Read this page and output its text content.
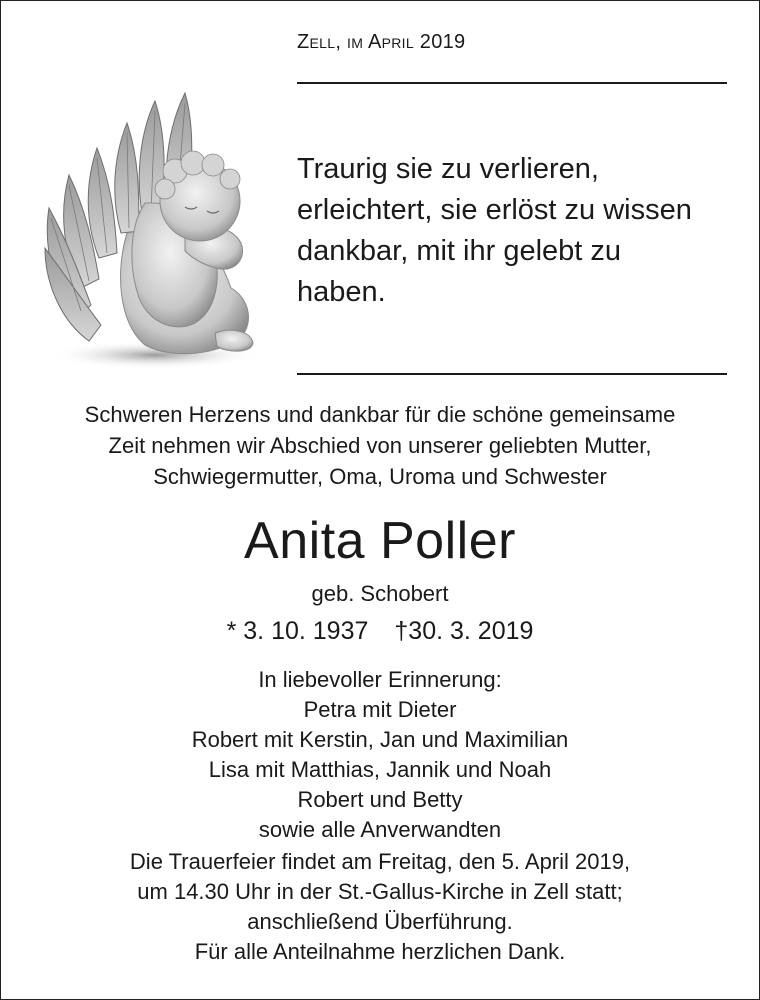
Zell, im April 2019
Traurig sie zu verlieren,
erleichtert, sie erlöst zu wissen
dankbar, mit ihr gelebt zu
haben.
Schweren Herzens und dankbar für die schöne gemeinsame
Zeit nehmen wir Abschied von unserer geliebten Mutter,
Schwiegermutter, Oma, Uroma und Schwester
Anita Poller
geb. Schobert
* 3. 10. 1937 †30. 3. 2019
In liebevoller Erinnerung:
Petra mit Dieter
Robert mit Kerstin, Jan und Maximilian
Lisa mit Matthias, Jannik und Noah
Robert und Betty
sowie alle Anverwandten
Die Trauerfeier findet am Freitag, den 5. April 2019,
um 14.30 Uhr in der St.-Gallus-Kirche in Zell statt;
anschließend Überführung.
Für alle Anteilnahme herzlichen Dank.
